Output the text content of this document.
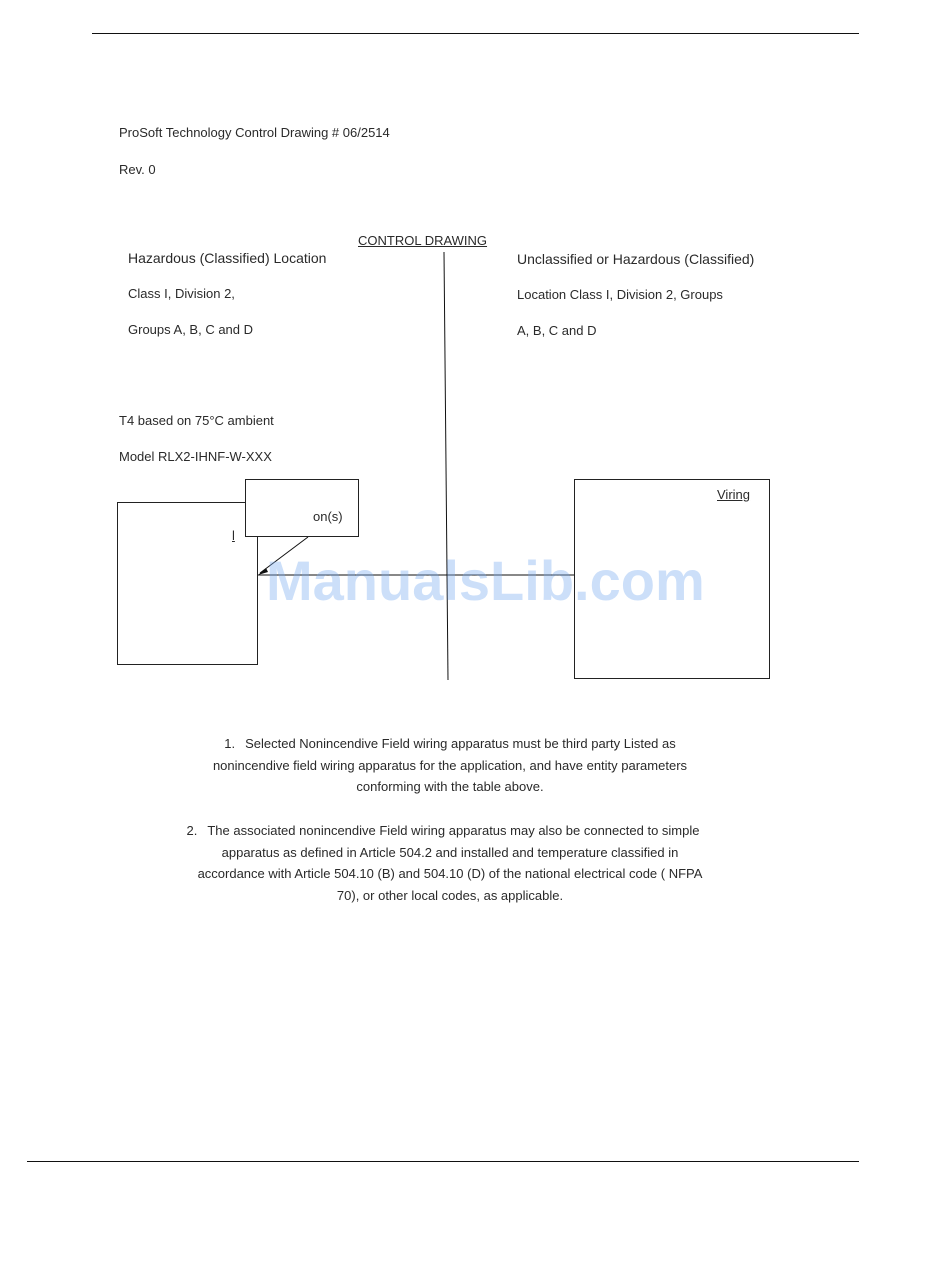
ProSoft Technology Control Drawing # 06/2514
Rev. 0
CONTROL DRAWING
Hazardous (Classified) Location
Class I, Division 2,
Groups A, B, C and D
Unclassified or Hazardous (Classified)
Location Class I, Division 2, Groups
A, B, C and D
T4 based on 75°C ambient
Model RLX2-IHNF-W-XXX
l
on(s)
Viring
ManualsLib.com
1. Selected Nonincendive Field wiring apparatus must be third party Listed as
nonincendive field wiring apparatus for the application, and have entity parameters
conforming with the table above.
2. The associated nonincendive Field wiring apparatus may also be connected to simple
apparatus as defined in Article 504.2 and installed and temperature classified in
accordance with Article 504.10 (B) and 504.10 (D) of the national electrical code ( NFPA
70), or other local codes, as applicable.
